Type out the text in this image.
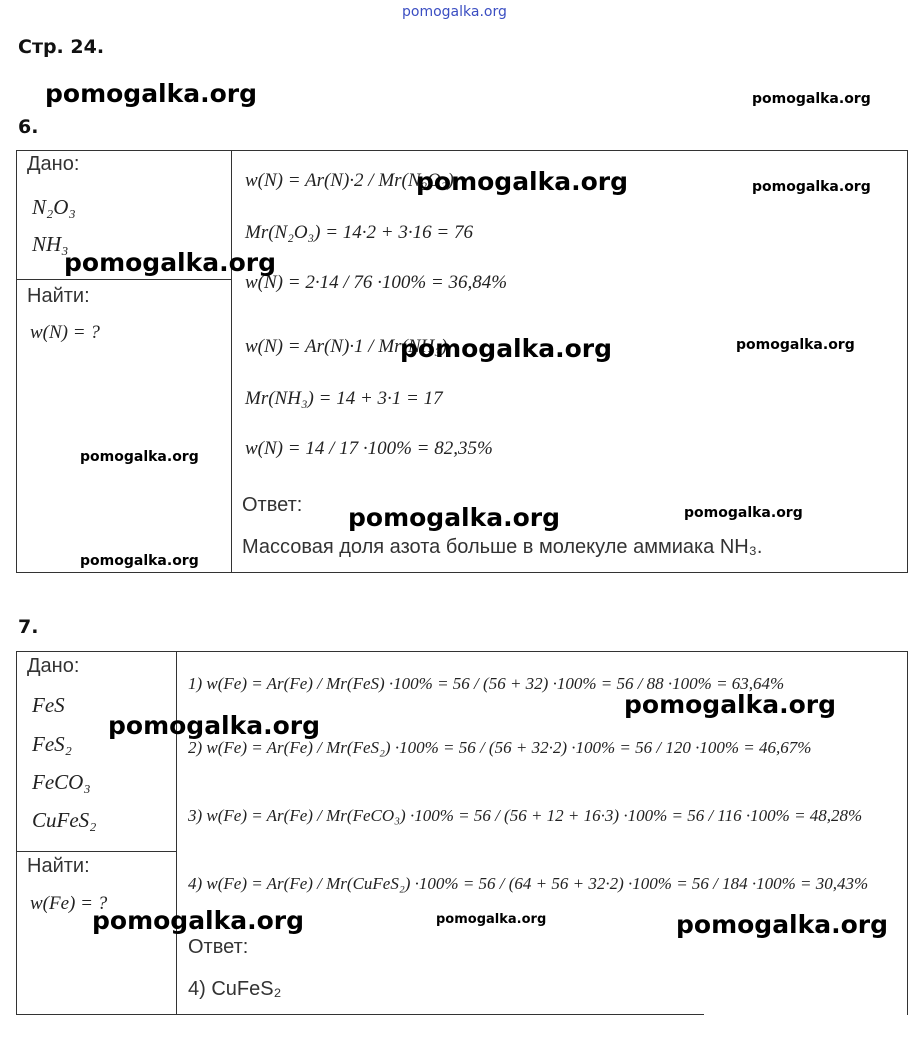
pomogalka.org
Стр. 24.
6.
Дано:
N₂O₃
NH₃
Найти:
w(N) = ?
w(N) = Ar(N)·2 / Mr(N₂O₃)
Mr(N₂O₃) = 14·2 + 3·16 = 76
w(N) = 2·14 / 76 ·100% = 36,84%
w(N) = Ar(N)·1 / Mr(NH₃)
Mr(NH₃) = 14 + 3·1 = 17
w(N) = 14 / 17 ·100% = 82,35%
Ответ:
Массовая доля азота больше в молекуле аммиака NH₃.
7.
Дано:
FeS
FeS₂
FeCO₃
CuFeS₂
Найти:
w(Fe) = ?
1) w(Fe) = Ar(Fe) / Mr(FeS) ·100% = 56 / (56 + 32) ·100% = 56 / 88 ·100% = 63,64%
2) w(Fe) = Ar(Fe) / Mr(FeS₂) ·100% = 56 / (56 + 32·2) ·100% = 56 / 120 ·100% = 46,67%
3) w(Fe) = Ar(Fe) / Mr(FeCO₃) ·100% = 56 / (56 + 12 + 16·3) ·100% = 56 / 116 ·100% = 48,28%
4) w(Fe) = Ar(Fe) / Mr(CuFeS₂) ·100% = 56 / (64 + 56 + 32·2) ·100% = 56 / 184 ·100% = 30,43%
Ответ:
4) CuFeS₂
pomogalka.org	pomogalka.org
pomogalka.org	pomogalka.org
pomogalka.org
pomogalka.org	pomogalka.org
pomogalka.org
pomogalka.org	pomogalka.org
pomogalka.org
pomogalka.org
pomogalka.org
pomogalka.org	pomogalka.org	pomogalka.org
